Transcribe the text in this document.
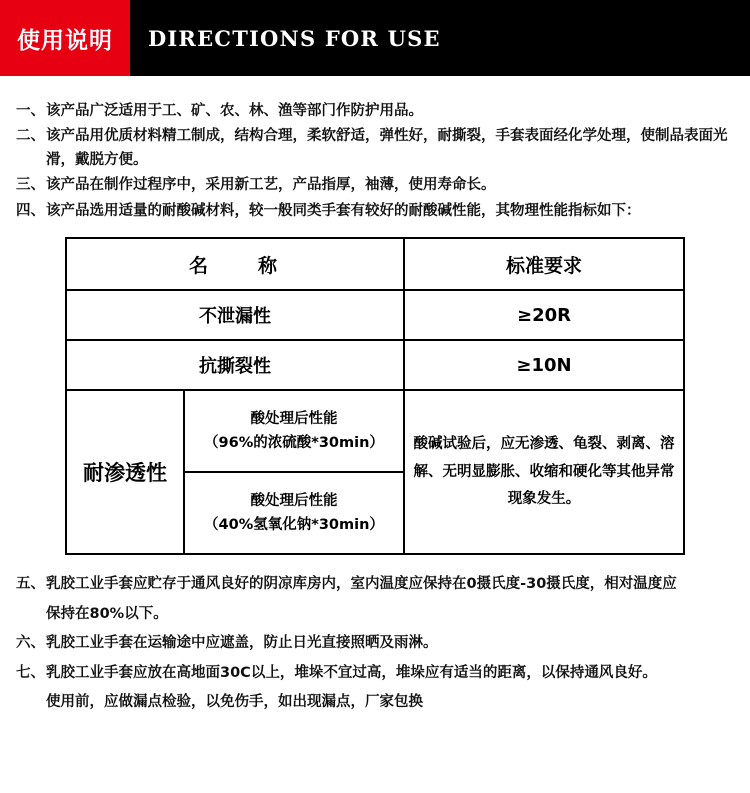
使用说明 DIRECTIONS FOR USE
一、 该产品广泛适用于工、矿、农、林、渔等部门作防护用品。
二、 该产品用优质材料精工制成，结构合理，柔软舒适，弹性好，耐撕裂，手套表面经化学处理，使制品表面光滑，戴脱方便。
三、 该产品在制作过程序中，采用新工艺，产品指厚，袖薄，使用寿命长。
四、 该产品选用适量的耐酸碱材料，较一般同类手套有较好的耐酸碱性能，其物理性能指标如下：
名　　称		标准要求
不泄漏性		≥20R
抗撕裂性		≥10N
耐渗透性	酸处理后性能
（96%的浓硫酸*30min）	酸碱试验后，应无渗透、龟裂、剥离、溶解、无明显膨胀、收缩和硬化等其他异常现象发生。

	酸处理后性能
（40%氢氧化钠*30min）	
五、 乳胶工业手套应贮存于通风良好的阴凉库房内，室内温度应保持在0摄氏度-30摄氏度，相对温度应
保持在80%以下。
六、 乳胶工业手套在运输途中应遮盖，防止日光直接照晒及雨淋。
七、 乳胶工业手套应放在高地面30C以上，堆垛不宜过高，堆垛应有适当的距离，以保持通风良好。
使用前，应做漏点检验，以免伤手，如出现漏点，厂家包换
